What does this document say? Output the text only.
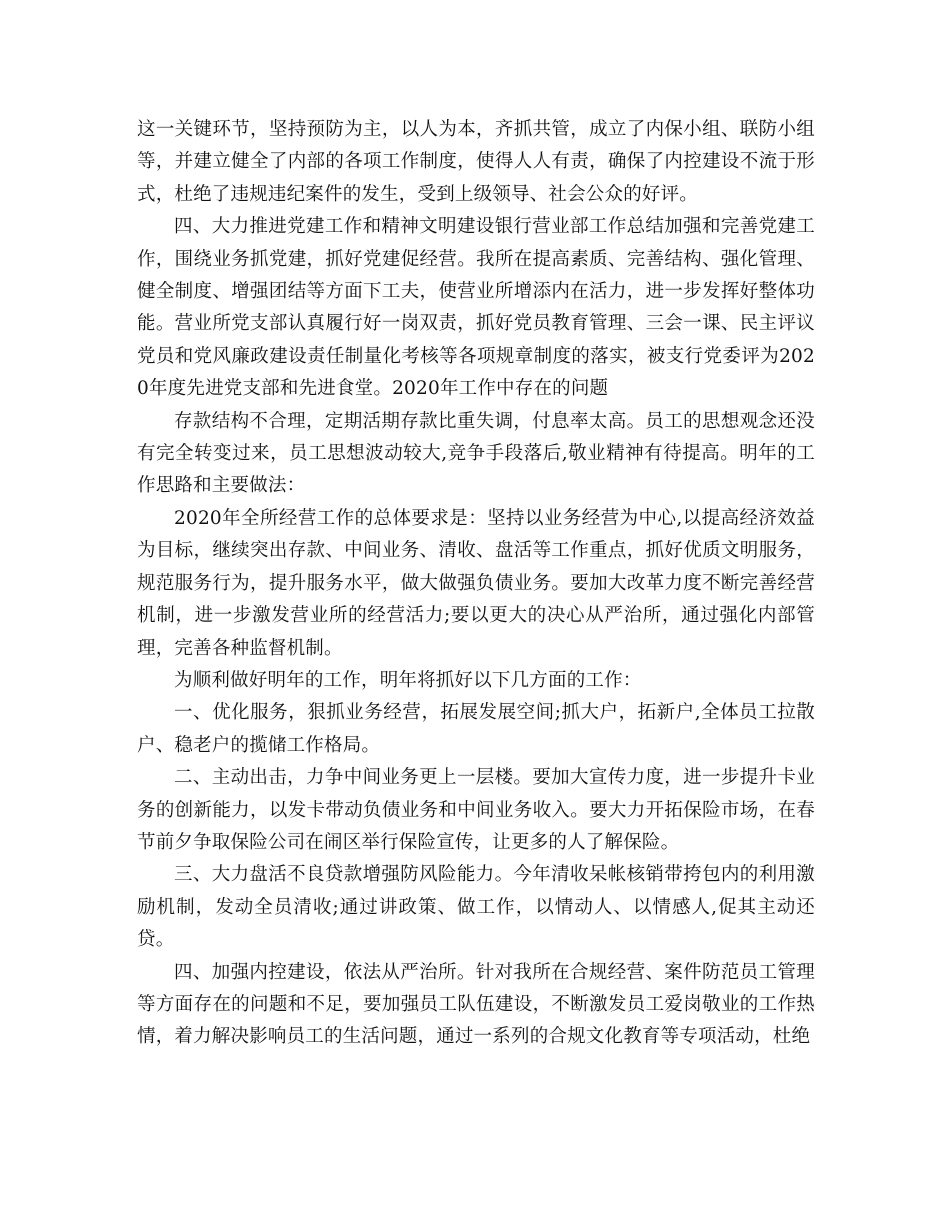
这一关键环节，坚持预防为主，以人为本，齐抓共管，成立了内保小组、联防小组等，并建立健全了内部的各项工作制度，使得人人有责，确保了内控建设不流于形式，杜绝了违规违纪案件的发生，受到上级领导、社会公众的好评。

四、大力推进党建工作和精神文明建设银行营业部工作总结加强和完善党建工作，围绕业务抓党建，抓好党建促经营。我所在提高素质、完善结构、强化管理、健全制度、增强团结等方面下工夫，使营业所增添内在活力，进一步发挥好整体功能。营业所党支部认真履行好一岗双责，抓好党员教育管理、三会一课、民主评议党员和党风廉政建设责任制量化考核等各项规章制度的落实，被支行党委评为2020年度先进党支部和先进食堂。2020年工作中存在的问题

存款结构不合理，定期活期存款比重失调，付息率太高。员工的思想观念还没有完全转变过来，员工思想波动较大,竞争手段落后,敬业精神有待提高。明年的工作思路和主要做法：

2020年全所经营工作的总体要求是：坚持以业务经营为中心,以提高经济效益为目标，继续突出存款、中间业务、清收、盘活等工作重点，抓好优质文明服务，规范服务行为，提升服务水平，做大做强负债业务。要加大改革力度不断完善经营机制，进一步激发营业所的经营活力;要以更大的决心从严治所，通过强化内部管理，完善各种监督机制。

为顺利做好明年的工作，明年将抓好以下几方面的工作：

一、优化服务，狠抓业务经营，拓展发展空间;抓大户，拓新户,全体员工拉散户、稳老户的揽储工作格局。

二、主动出击，力争中间业务更上一层楼。要加大宣传力度，进一步提升卡业务的创新能力，以发卡带动负债业务和中间业务收入。要大力开拓保险市场，在春节前夕争取保险公司在闹区举行保险宣传，让更多的人了解保险。

三、大力盘活不良贷款增强防风险能力。今年清收呆帐核销带挎包内的利用激励机制，发动全员清收;通过讲政策、做工作，以情动人、以情感人,促其主动还贷。

四、加强内控建设，依法从严治所。针对我所在合规经营、案件防范员工管理等方面存在的问题和不足，要加强员工队伍建设，不断激发员工爱岗敬业的工作热情，着力解决影响员工的生活问题，通过一系列的合规文化教育等专项活动，杜绝
